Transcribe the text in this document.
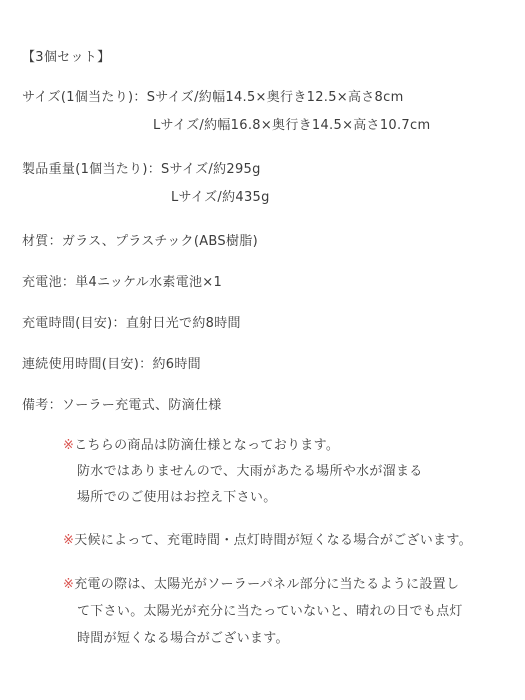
【3個セット】
サイズ(1個当たり)：Sサイズ/約幅14.5×奥行き12.5×高さ8cm
Lサイズ/約幅16.8×奥行き14.5×高さ10.7cm
製品重量(1個当たり)：Sサイズ/約295g
Lサイズ/約435g
材質：ガラス、プラスチック(ABS樹脂)
充電池：単4ニッケル水素電池×1
充電時間(目安)：直射日光で約8時間
連続使用時間(目安)：約6時間
備考：ソーラー充電式、防滴仕様
※こちらの商品は防滴仕様となっております。
防水ではありませんので、大雨があたる場所や水が溜まる
場所でのご使用はお控え下さい。
※天候によって、充電時間・点灯時間が短くなる場合がございます。
※充電の際は、太陽光がソーラーパネル部分に当たるように設置し
て下さい。太陽光が充分に当たっていないと、晴れの日でも点灯
時間が短くなる場合がございます。
